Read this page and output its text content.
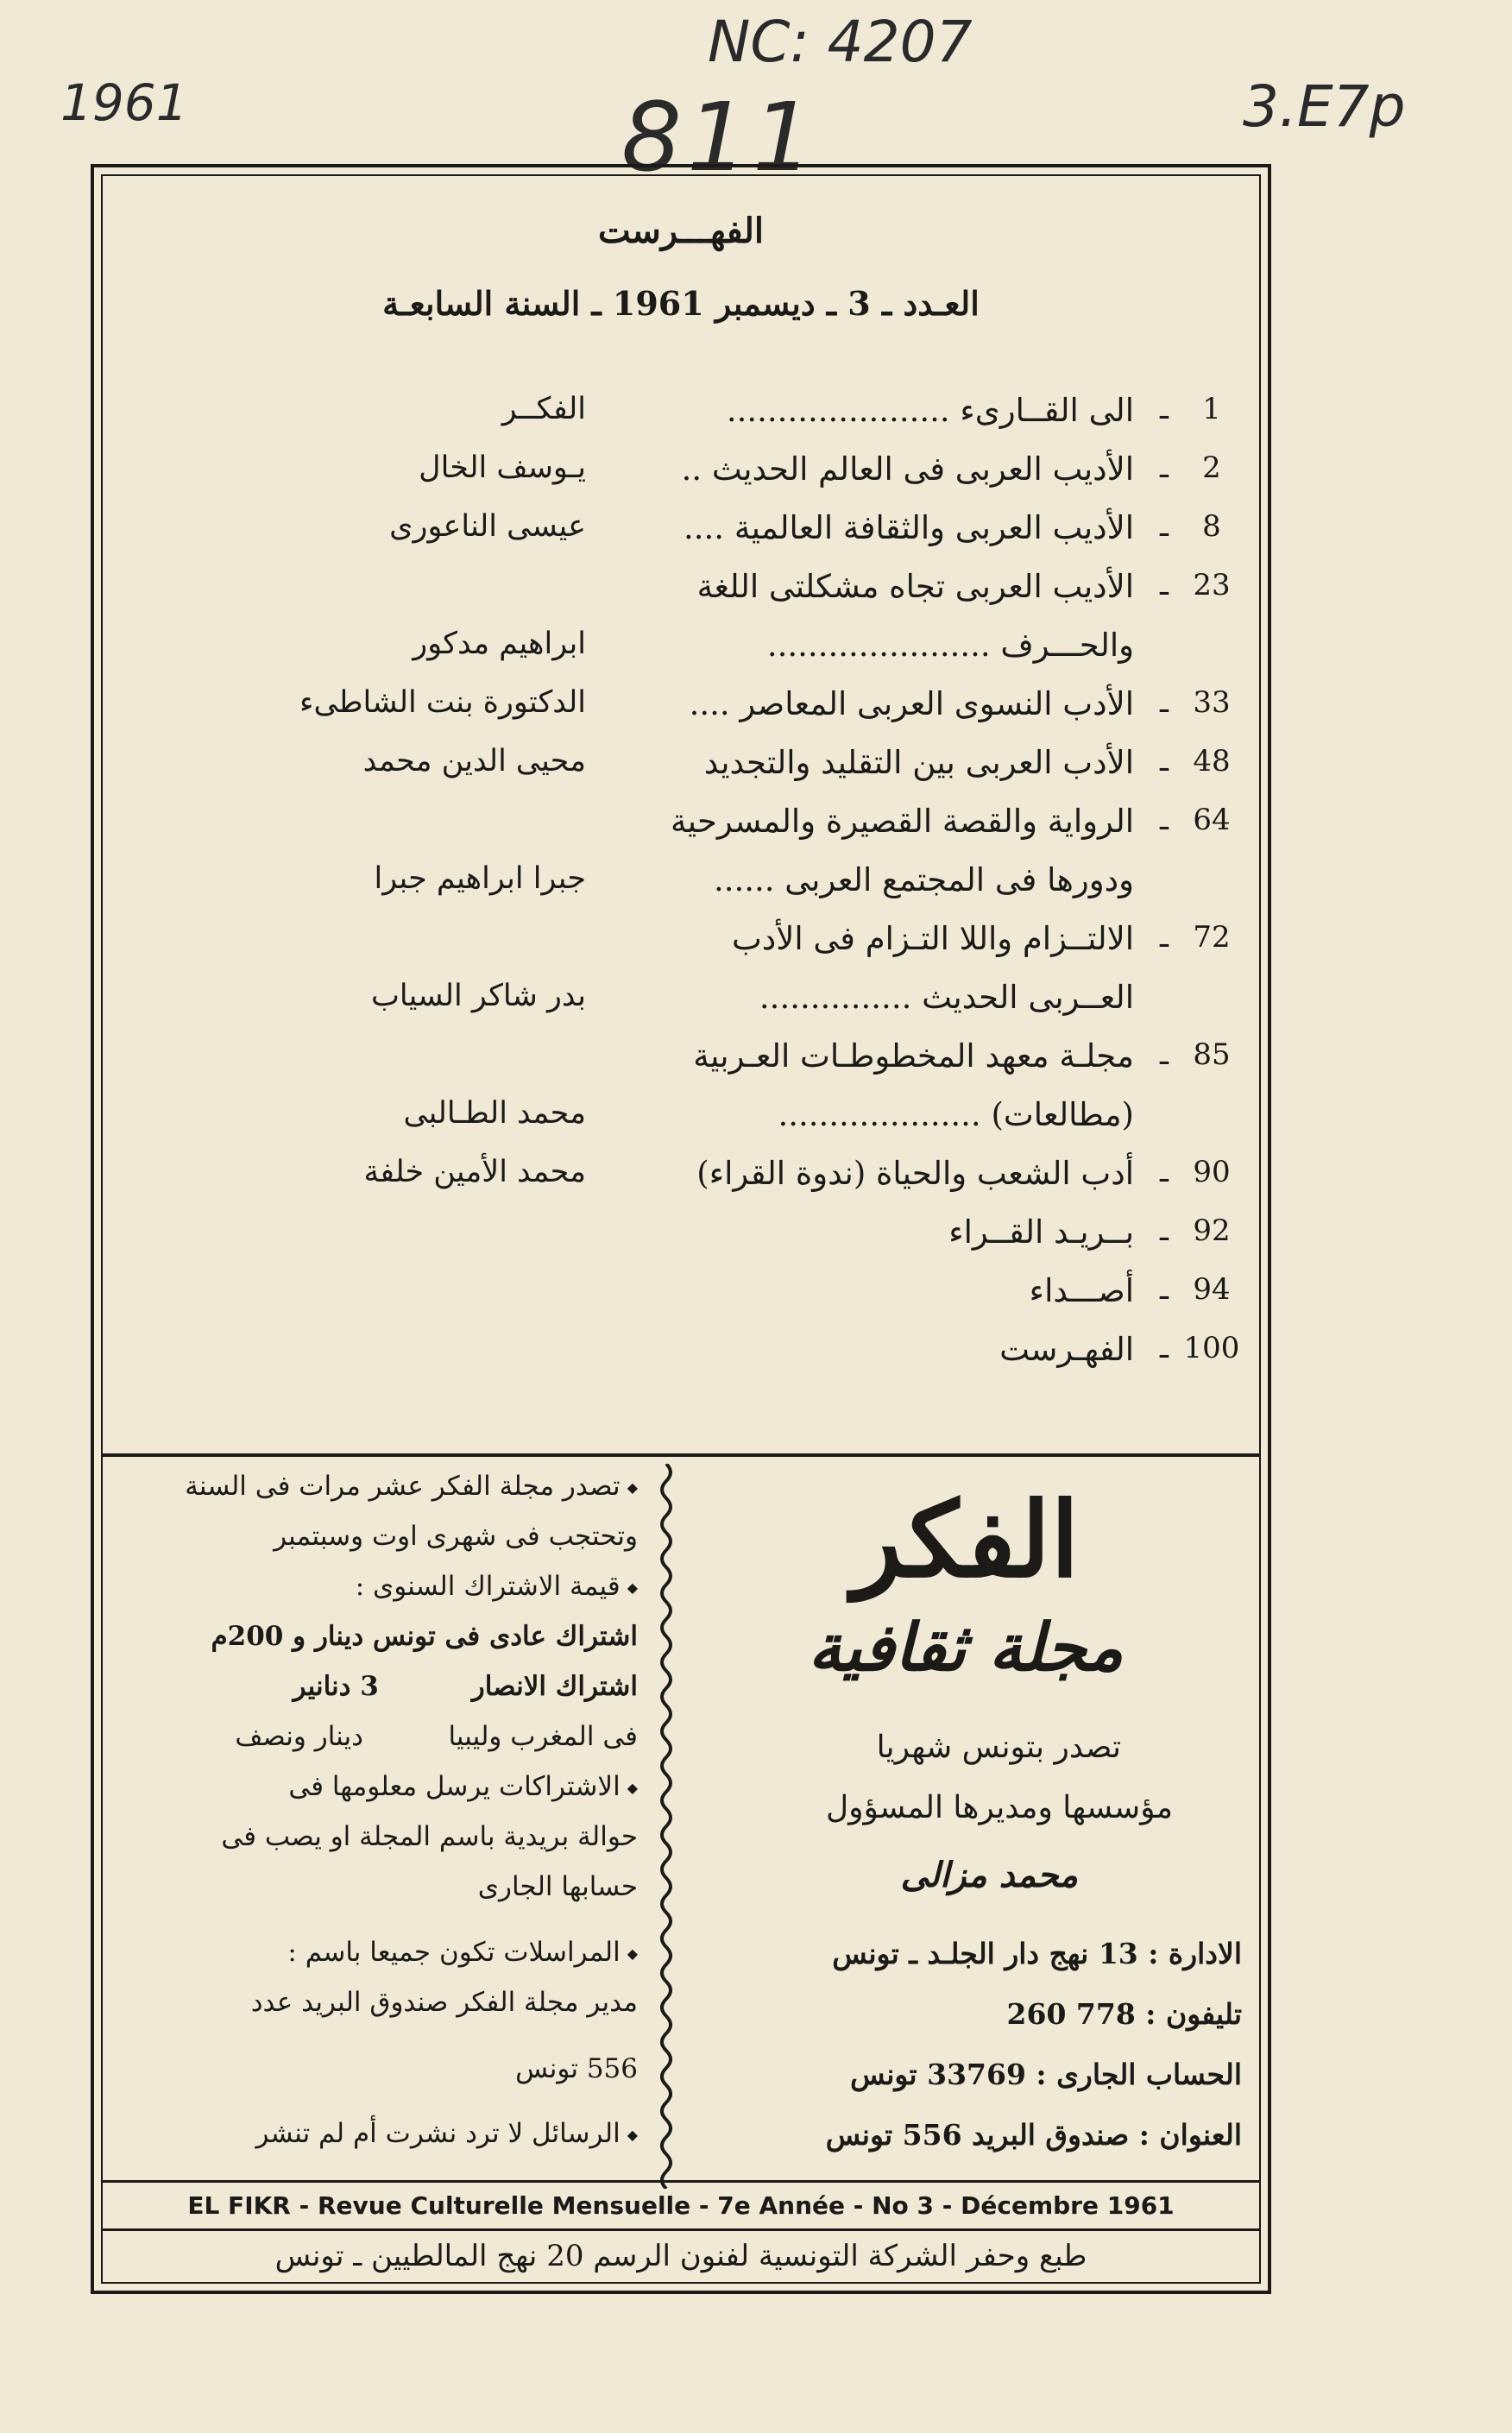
1961
NC: 4207
811	3.E7p
الفهـــرست
العـدد ـ 3 ـ ديسمبر 1961 ـ السنة السابعـة
1
ـ
الى القــارىء ......................
الفكــر
2
ـ
الأديب العربى فى العالم الحديث ..
يـوسف الخال
8
ـ
الأديب العربى والثقافة العالمية ....
عيسى الناعورى
23
ـ
الأديب العربى تجاه مشكلتى اللغة
والحـــرف ......................
ابراهيم مدكور
33
ـ
الأدب النسوى العربى المعاصر ....
الدكتورة بنت الشاطىء
48
ـ
الأدب العربى بين التقليد والتجديد
محيى الدين محمد
64
ـ
الرواية والقصة القصيرة والمسرحية
ودورها فى المجتمع العربى ......
جبرا ابراهيم جبرا
72
ـ
الالتــزام واللا التـزام فى الأدب
العــربى الحديث ...............
بدر شاكر السياب
85
ـ
مجلـة معهد المخطوطـات العـربية
(مطالعات) ....................
محمد الطـالبى
90
ـ
أدب الشعب والحياة (ندوة القراء)
محمد الأمين خلفة
92
ـ
بــريـد القــراء
94
ـ
أصـــداء
100
ـ
الفهـرست
الفكر
مجلة ثقافية
تصدر بتونس شهريا
مؤسسها ومديرها المسؤول
محمد مزالى
الادارة : 13 نهج دار الجلـد ـ تونس
تليفون : 778 260
الحساب الجارى : 33769 تونس
العنوان : صندوق البريد 556 تونس
◆ تصدر مجلة الفكر عشر مرات فى السنة
وتحتجب فى شهرى اوت وسبتمبر
◆ قيمة الاشتراك السنوى :
اشتراك عادى فى تونس دينار و 200م
اشتراك الانصار          3 دنانير
فى المغرب وليبيا          دينار ونصف
◆ الاشتراكات يرسل معلومها فى
حوالة بريدية باسم المجلة او يصب فى
حسابها الجارى
◆ المراسلات تكون جميعا باسم :
مدير مجلة الفكر صندوق البريد عدد
556 تونس
◆ الرسائل لا ترد نشرت أم لم تنشر
EL FIKR - Revue Culturelle Mensuelle - 7e Année - No 3 - Décembre 1961
طبع وحفر الشركة التونسية لفنون الرسم 20 نهج المالطيين ـ تونس
